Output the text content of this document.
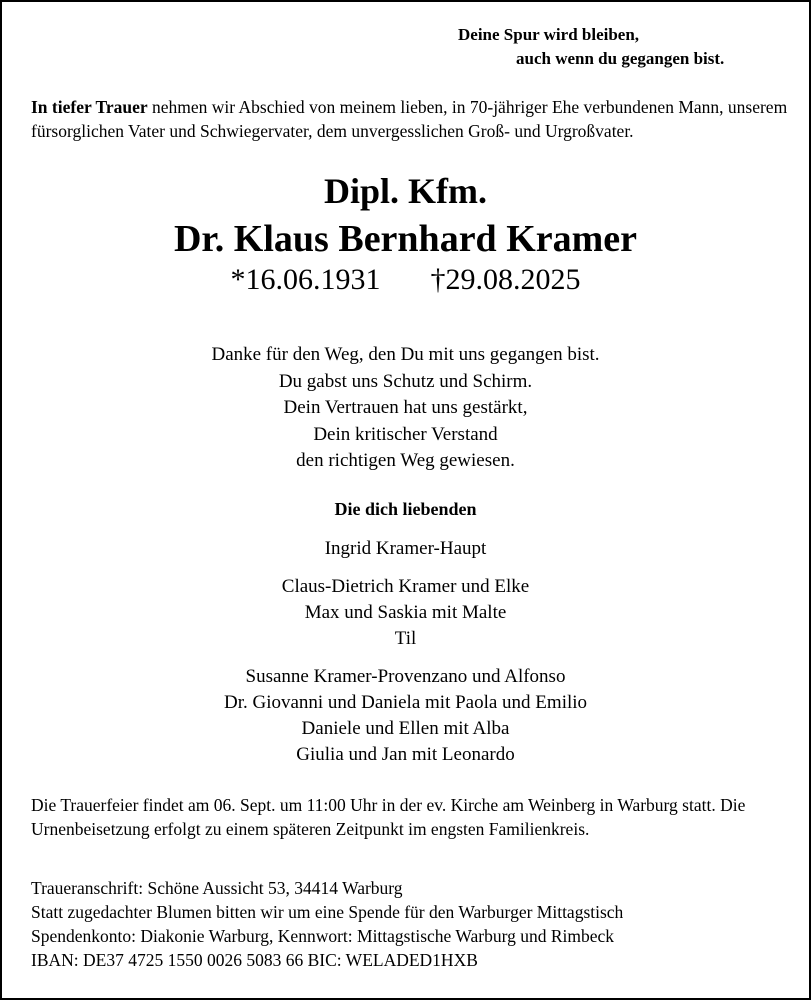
Deine Spur wird bleiben,
auch wenn du gegangen bist.
In tiefer Trauer nehmen wir Abschied von meinem lieben, in 70-jähriger Ehe verbundenen Mann, unserem fürsorglichen Vater und Schwiegervater, dem unvergesslichen Groß- und Urgroßvater.
Dipl. Kfm.
Dr. Klaus Bernhard Kramer
*16.06.1931 †29.08.2025
Danke für den Weg, den Du mit uns gegangen bist.
Du gabst uns Schutz und Schirm.
Dein Vertrauen hat uns gestärkt,
Dein kritischer Verstand
den richtigen Weg gewiesen.
Die dich liebenden
Ingrid Kramer-Haupt
Claus-Dietrich Kramer und Elke
Max und Saskia mit Malte
Til
Susanne Kramer-Provenzano und Alfonso
Dr. Giovanni und Daniela mit Paola und Emilio
Daniele und Ellen mit Alba
Giulia und Jan mit Leonardo
Die Trauerfeier findet am 06. Sept. um 11:00 Uhr in der ev. Kirche am Weinberg in Warburg statt. Die Urnenbeisetzung erfolgt zu einem späteren Zeitpunkt im engsten Familienkreis.
Traueranschrift: Schöne Aussicht 53, 34414 Warburg
Statt zugedachter Blumen bitten wir um eine Spende für den Warburger Mittagstisch
Spendenkonto: Diakonie Warburg, Kennwort: Mittagstische Warburg und Rimbeck
IBAN: DE37 4725 1550 0026 5083 66 BIC: WELADED1HXB
